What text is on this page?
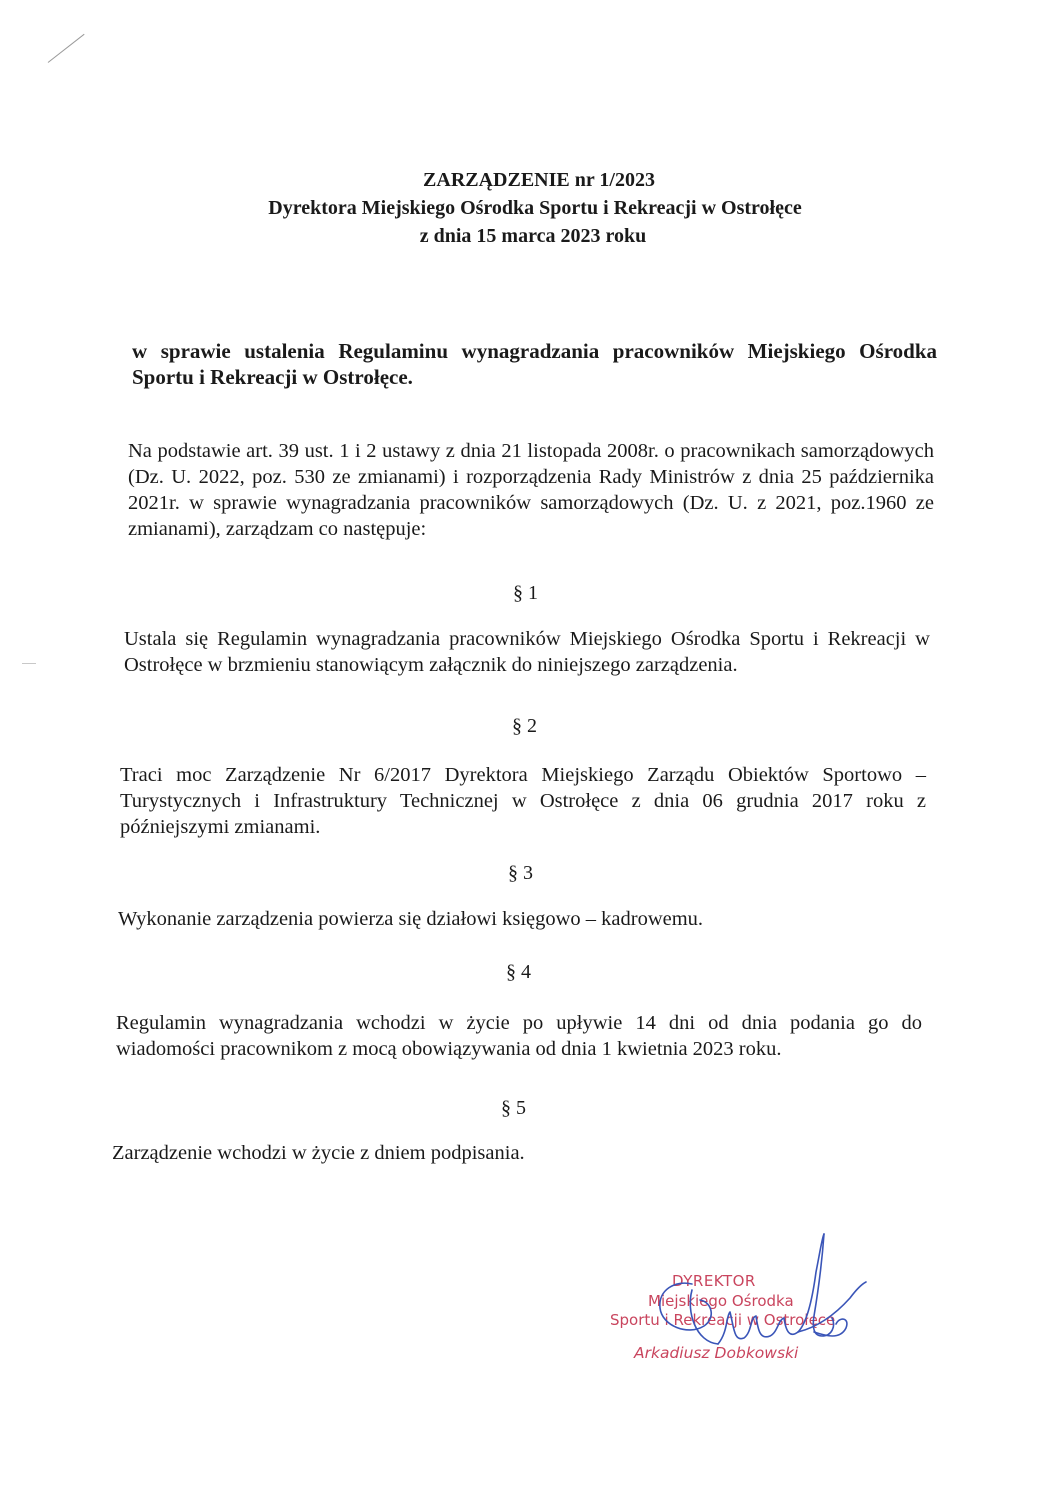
ZARZĄDZENIE nr 1/2023
Dyrektora Miejskiego Ośrodka Sportu i Rekreacji w Ostrołęce
z dnia 15 marca 2023 roku
w sprawie ustalenia Regulaminu wynagradzania pracowników Miejskiego Ośrodka Sportu i Rekreacji w Ostrołęce.
Na podstawie art. 39 ust. 1 i 2 ustawy z dnia 21 listopada 2008r. o pracownikach samorządowych (Dz. U. 2022, poz. 530 ze zmianami) i rozporządzenia Rady Ministrów z dnia 25 października 2021r. w sprawie wynagradzania pracowników samorządowych (Dz. U. z 2021, poz.1960 ze zmianami), zarządzam co następuje:
§ 1
Ustala się Regulamin wynagradzania pracowników Miejskiego Ośrodka Sportu i Rekreacji w Ostrołęce w brzmieniu stanowiącym załącznik do niniejszego zarządzenia.
§ 2
Traci moc Zarządzenie Nr 6/2017 Dyrektora Miejskiego Zarządu Obiektów Sportowo – Turystycznych i Infrastruktury Technicznej w Ostrołęce z dnia 06 grudnia 2017 roku z późniejszymi zmianami.
§ 3
Wykonanie zarządzenia powierza się działowi księgowo – kadrowemu.
§ 4
Regulamin wynagradzania wchodzi w życie po upływie 14 dni od dnia podania go do wiadomości pracownikom z mocą obowiązywania od dnia 1 kwietnia 2023 roku.
§ 5
Zarządzenie wchodzi w życie z dniem podpisania.
DYREKTOR
Miejskiego Ośrodka
Sportu i Rekreacji w Ostrołęce
Arkadiusz Dobkowski
